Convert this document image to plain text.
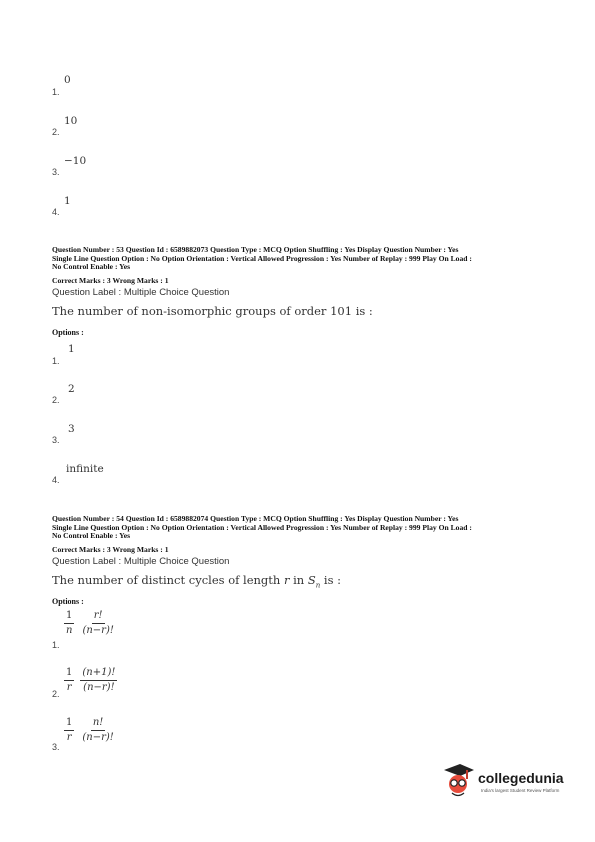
0
1.
10
2.
−10
3.
1
4.
Question Number : 53 Question Id : 6589882073 Question Type : MCQ Option Shuffling : Yes Display Question Number : Yes
Single Line Question Option : No Option Orientation : Vertical Allowed Progression : Yes Number of Replay : 999 Play On Load :
No Control Enable : Yes
Correct Marks : 3 Wrong Marks : 1
Question Label : Multiple Choice Question
The number of non-isomorphic groups of order 101 is :
Options :
1
1.
2
2.
3
3.
infinite
4.
Question Number : 54 Question Id : 6589882074 Question Type : MCQ Option Shuffling : Yes Display Question Number : Yes
Single Line Question Option : No Option Orientation : Vertical Allowed Progression : Yes Number of Replay : 999 Play On Load :
No Control Enable : Yes
Correct Marks : 3 Wrong Marks : 1
Question Label : Multiple Choice Question
The number of distinct cycles of length r in $S_n$ is :
Options :
$\frac{1}{n} \frac{r!}{(n-r)!}$
1.
$\frac{1}{r} \frac{(n+1)!}{(n-r)!}$
2.
$\frac{1}{r} \frac{n!}{(n-r)!}$
3.
collegedunia
India's largest Student Review Platform
